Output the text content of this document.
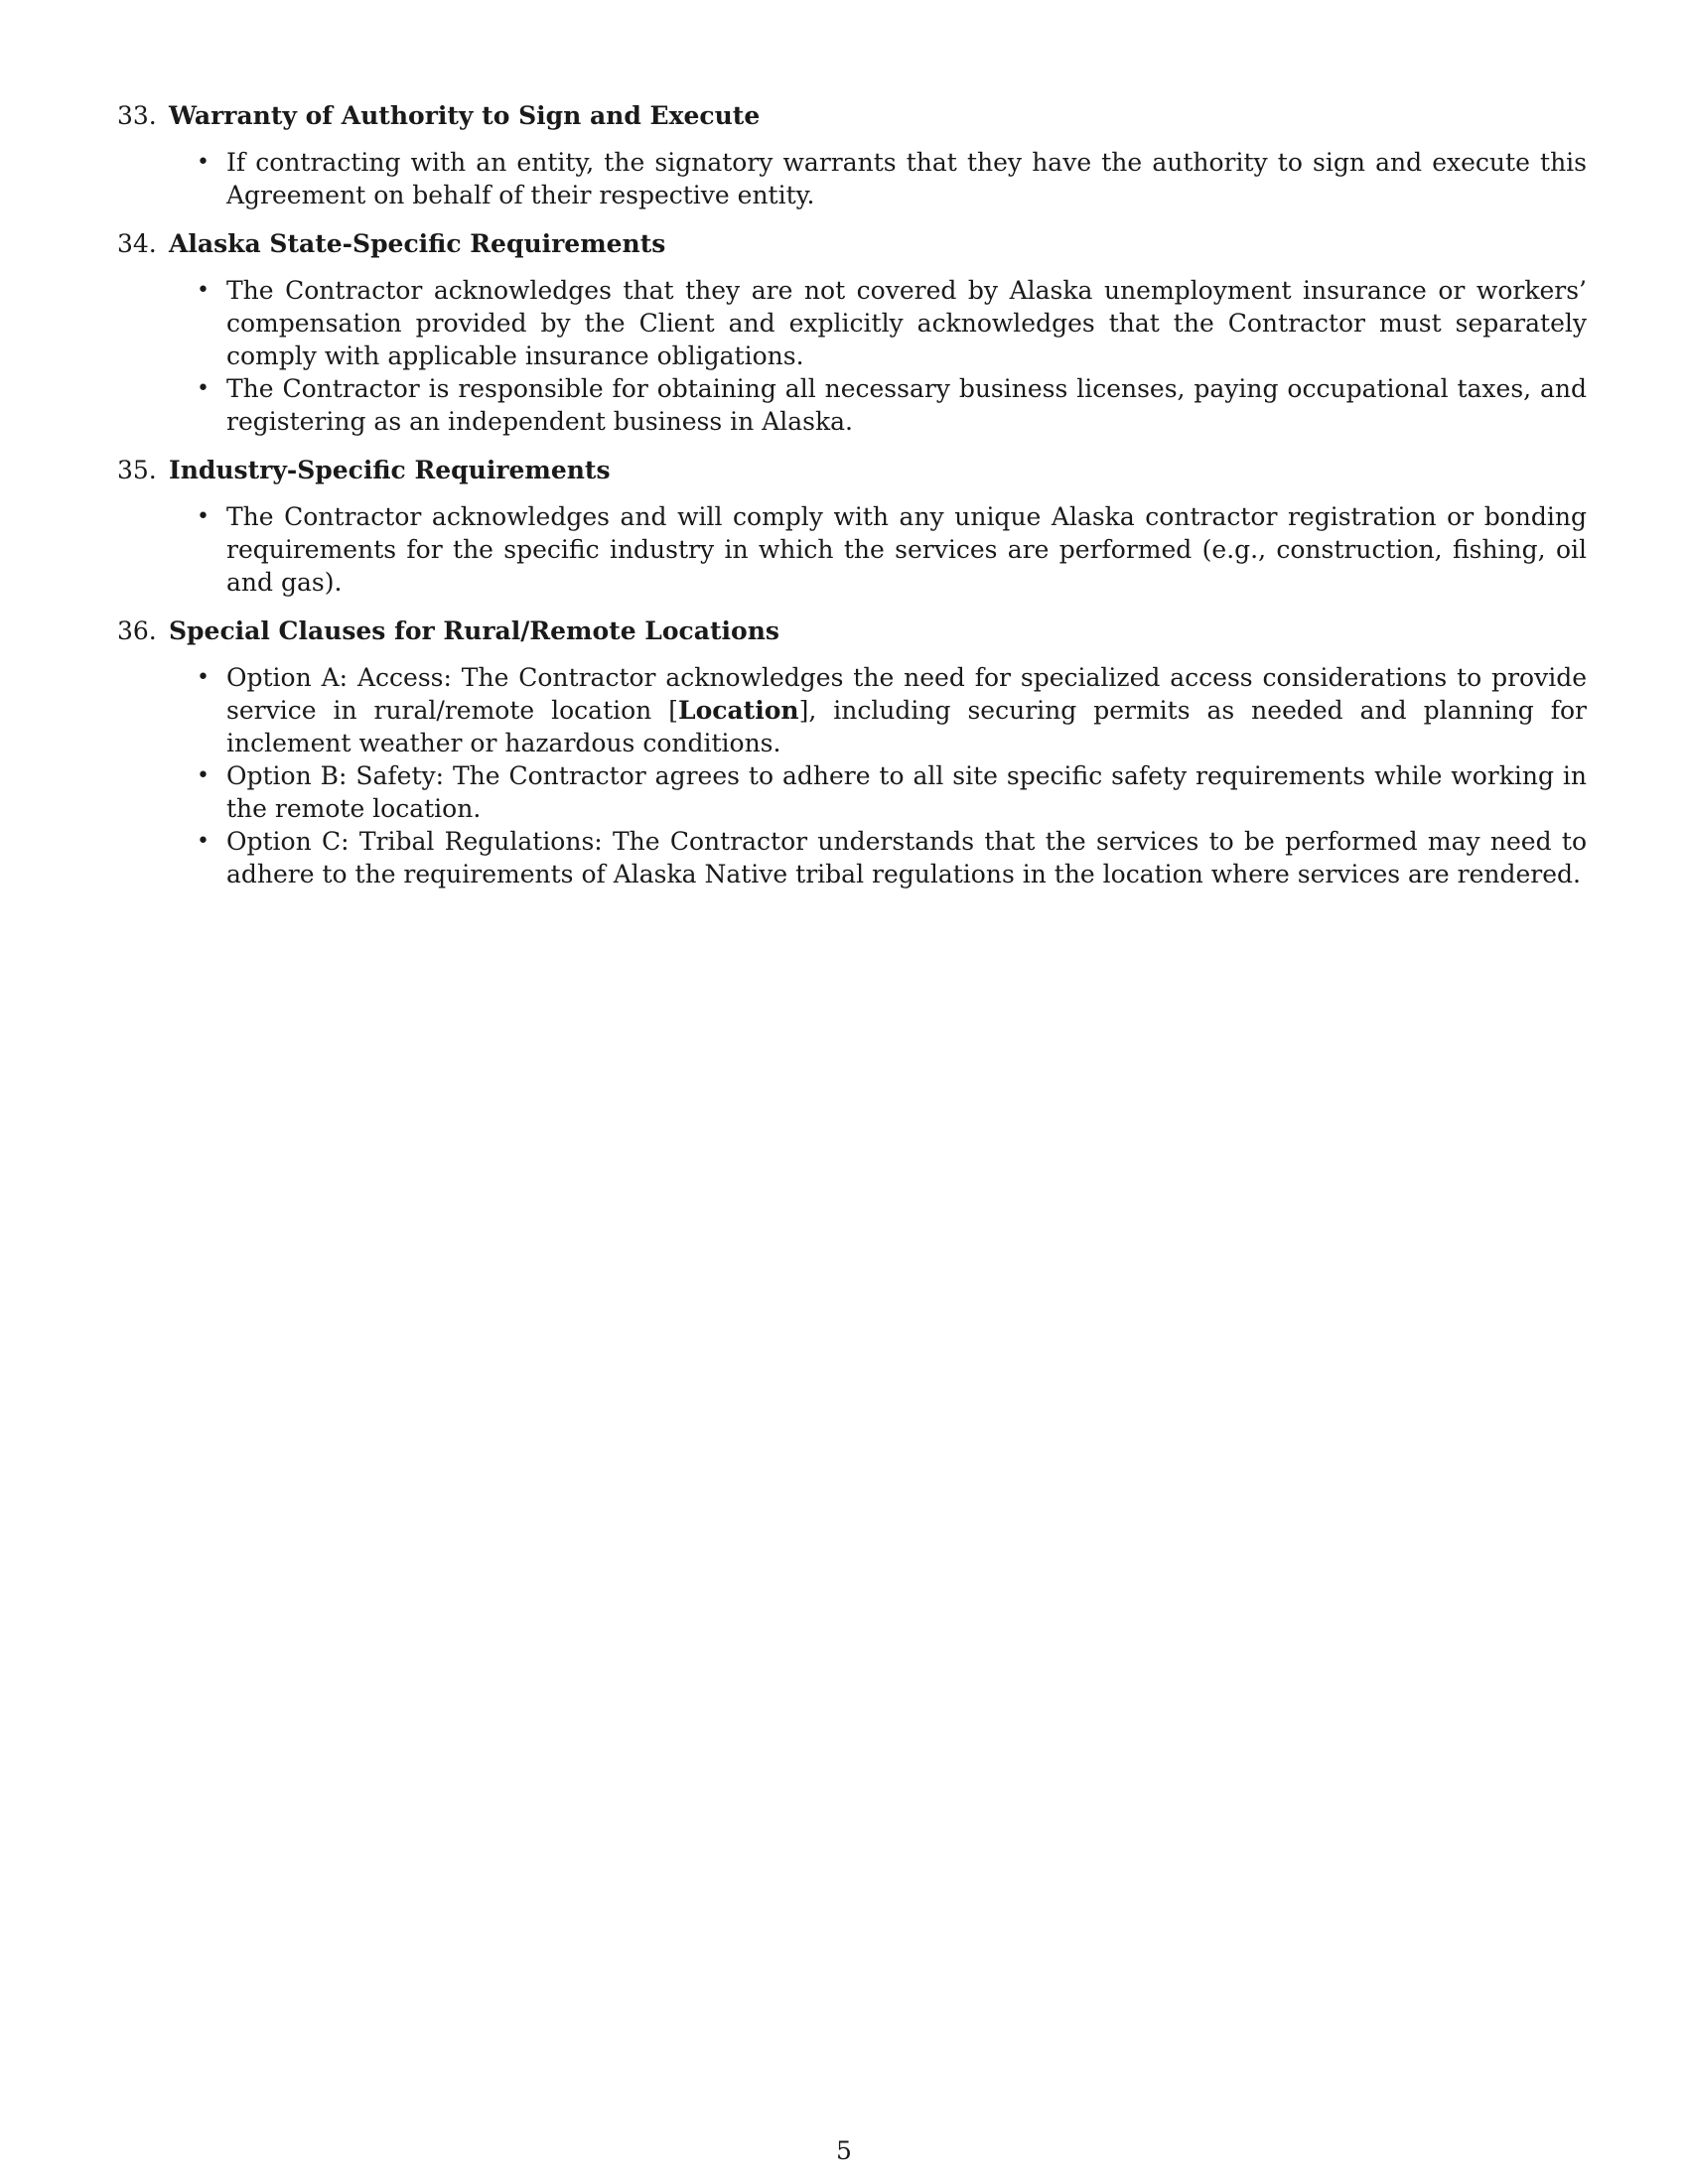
33. Warranty of Authority to Sign and Execute
• If contracting with an entity, the signatory warrants that they have the authority to sign and execute this Agreement on behalf of their respective entity.
34. Alaska State-Specific Requirements
• The Contractor acknowledges that they are not covered by Alaska unemployment insurance or workers’ compensation provided by the Client and explicitly acknowledges that the Contractor must separately comply with applicable insurance obligations.
• The Contractor is responsible for obtaining all necessary business licenses, paying occupational taxes, and registering as an independent business in Alaska.
35. Industry-Specific Requirements
• The Contractor acknowledges and will comply with any unique Alaska contractor registration or bonding requirements for the specific industry in which the services are performed (e.g., construction, fishing, oil and gas).
36. Special Clauses for Rural/Remote Locations
• Option A: Access: The Contractor acknowledges the need for specialized access considerations to provide service in rural/remote location [Location], including securing permits as needed and planning for inclement weather or hazardous conditions.
• Option B: Safety: The Contractor agrees to adhere to all site specific safety requirements while working in the remote location.
• Option C: Tribal Regulations: The Contractor understands that the services to be performed may need to adhere to the requirements of Alaska Native tribal regulations in the location where services are rendered.
5
